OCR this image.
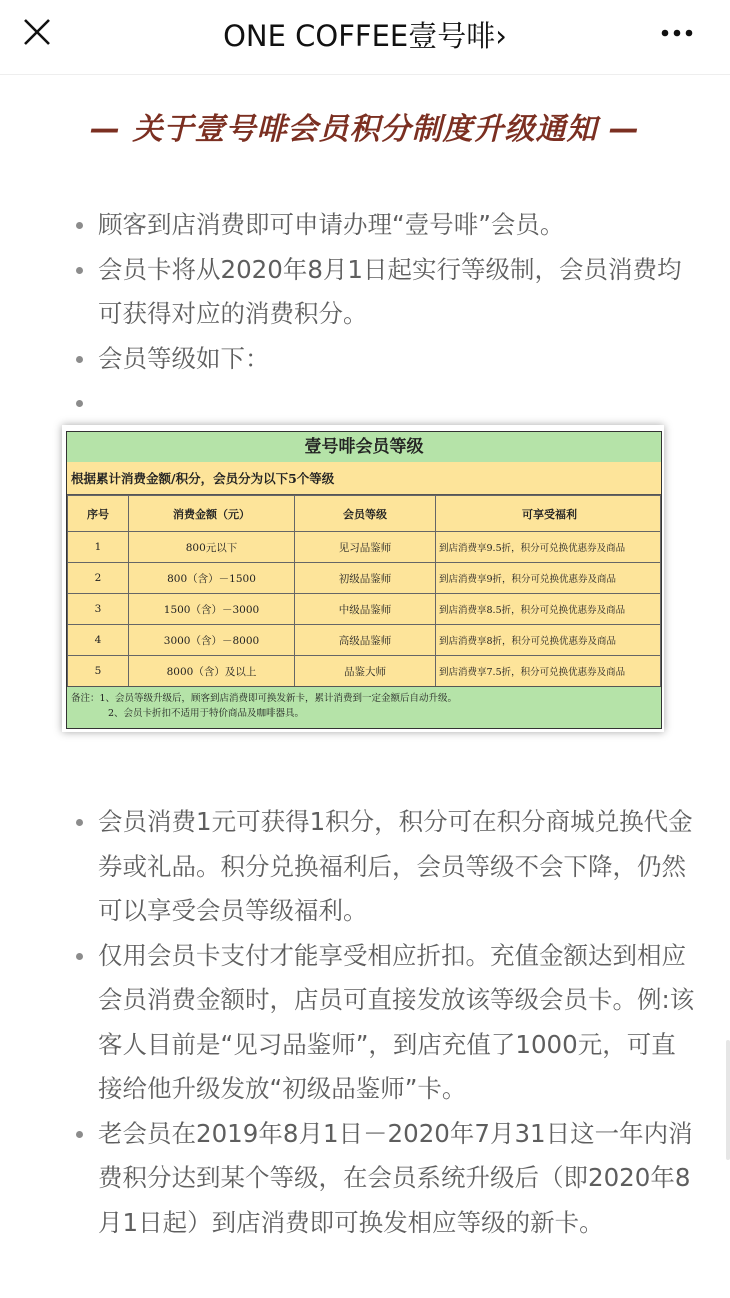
ONE COFFEE壹号啡›
— 关于壹号啡会员积分制度升级通知 —
顾客到店消费即可申请办理“壹号啡”会员。
会员卡将从2020年8月1日起实行等级制，会员消费均可获得对应的消费积分。
会员等级如下：
壹号啡会员等级
根据累计消费金额/积分，会员分为以下5个等级
序号	消费金额（元）	会员等级	可享受福利
1	800元以下	见习品鉴师	到店消费享9.5折，积分可兑换优惠券及商品
2	800（含）－1500	初级品鉴师	到店消费享9折，积分可兑换优惠券及商品
3	1500（含）－3000	中级品鉴师	到店消费享8.5折，积分可兑换优惠券及商品
4	3000（含）－8000	高级品鉴师	到店消费享8折，积分可兑换优惠券及商品
5	8000（含）及以上	品鉴大师	到店消费享7.5折，积分可兑换优惠券及商品
备注：1、会员等级升级后，顾客到店消费即可换发新卡，累计消费到一定金额后自动升级。
2、会员卡折扣不适用于特价商品及咖啡器具。
会员消费1元可获得1积分，积分可在积分商城兑换代金券或礼品。积分兑换福利后，会员等级不会下降，仍然可以享受会员等级福利。
仅用会员卡支付才能享受相应折扣。充值金额达到相应会员消费金额时，店员可直接发放该等级会员卡。例:该客人目前是“见习品鉴师”，到店充值了1000元，可直接给他升级发放“初级品鉴师”卡。
老会员在2019年8月1日－2020年7月31日这一年内消费积分达到某个等级，在会员系统升级后（即2020年8月1日起）到店消费即可换发相应等级的新卡。
